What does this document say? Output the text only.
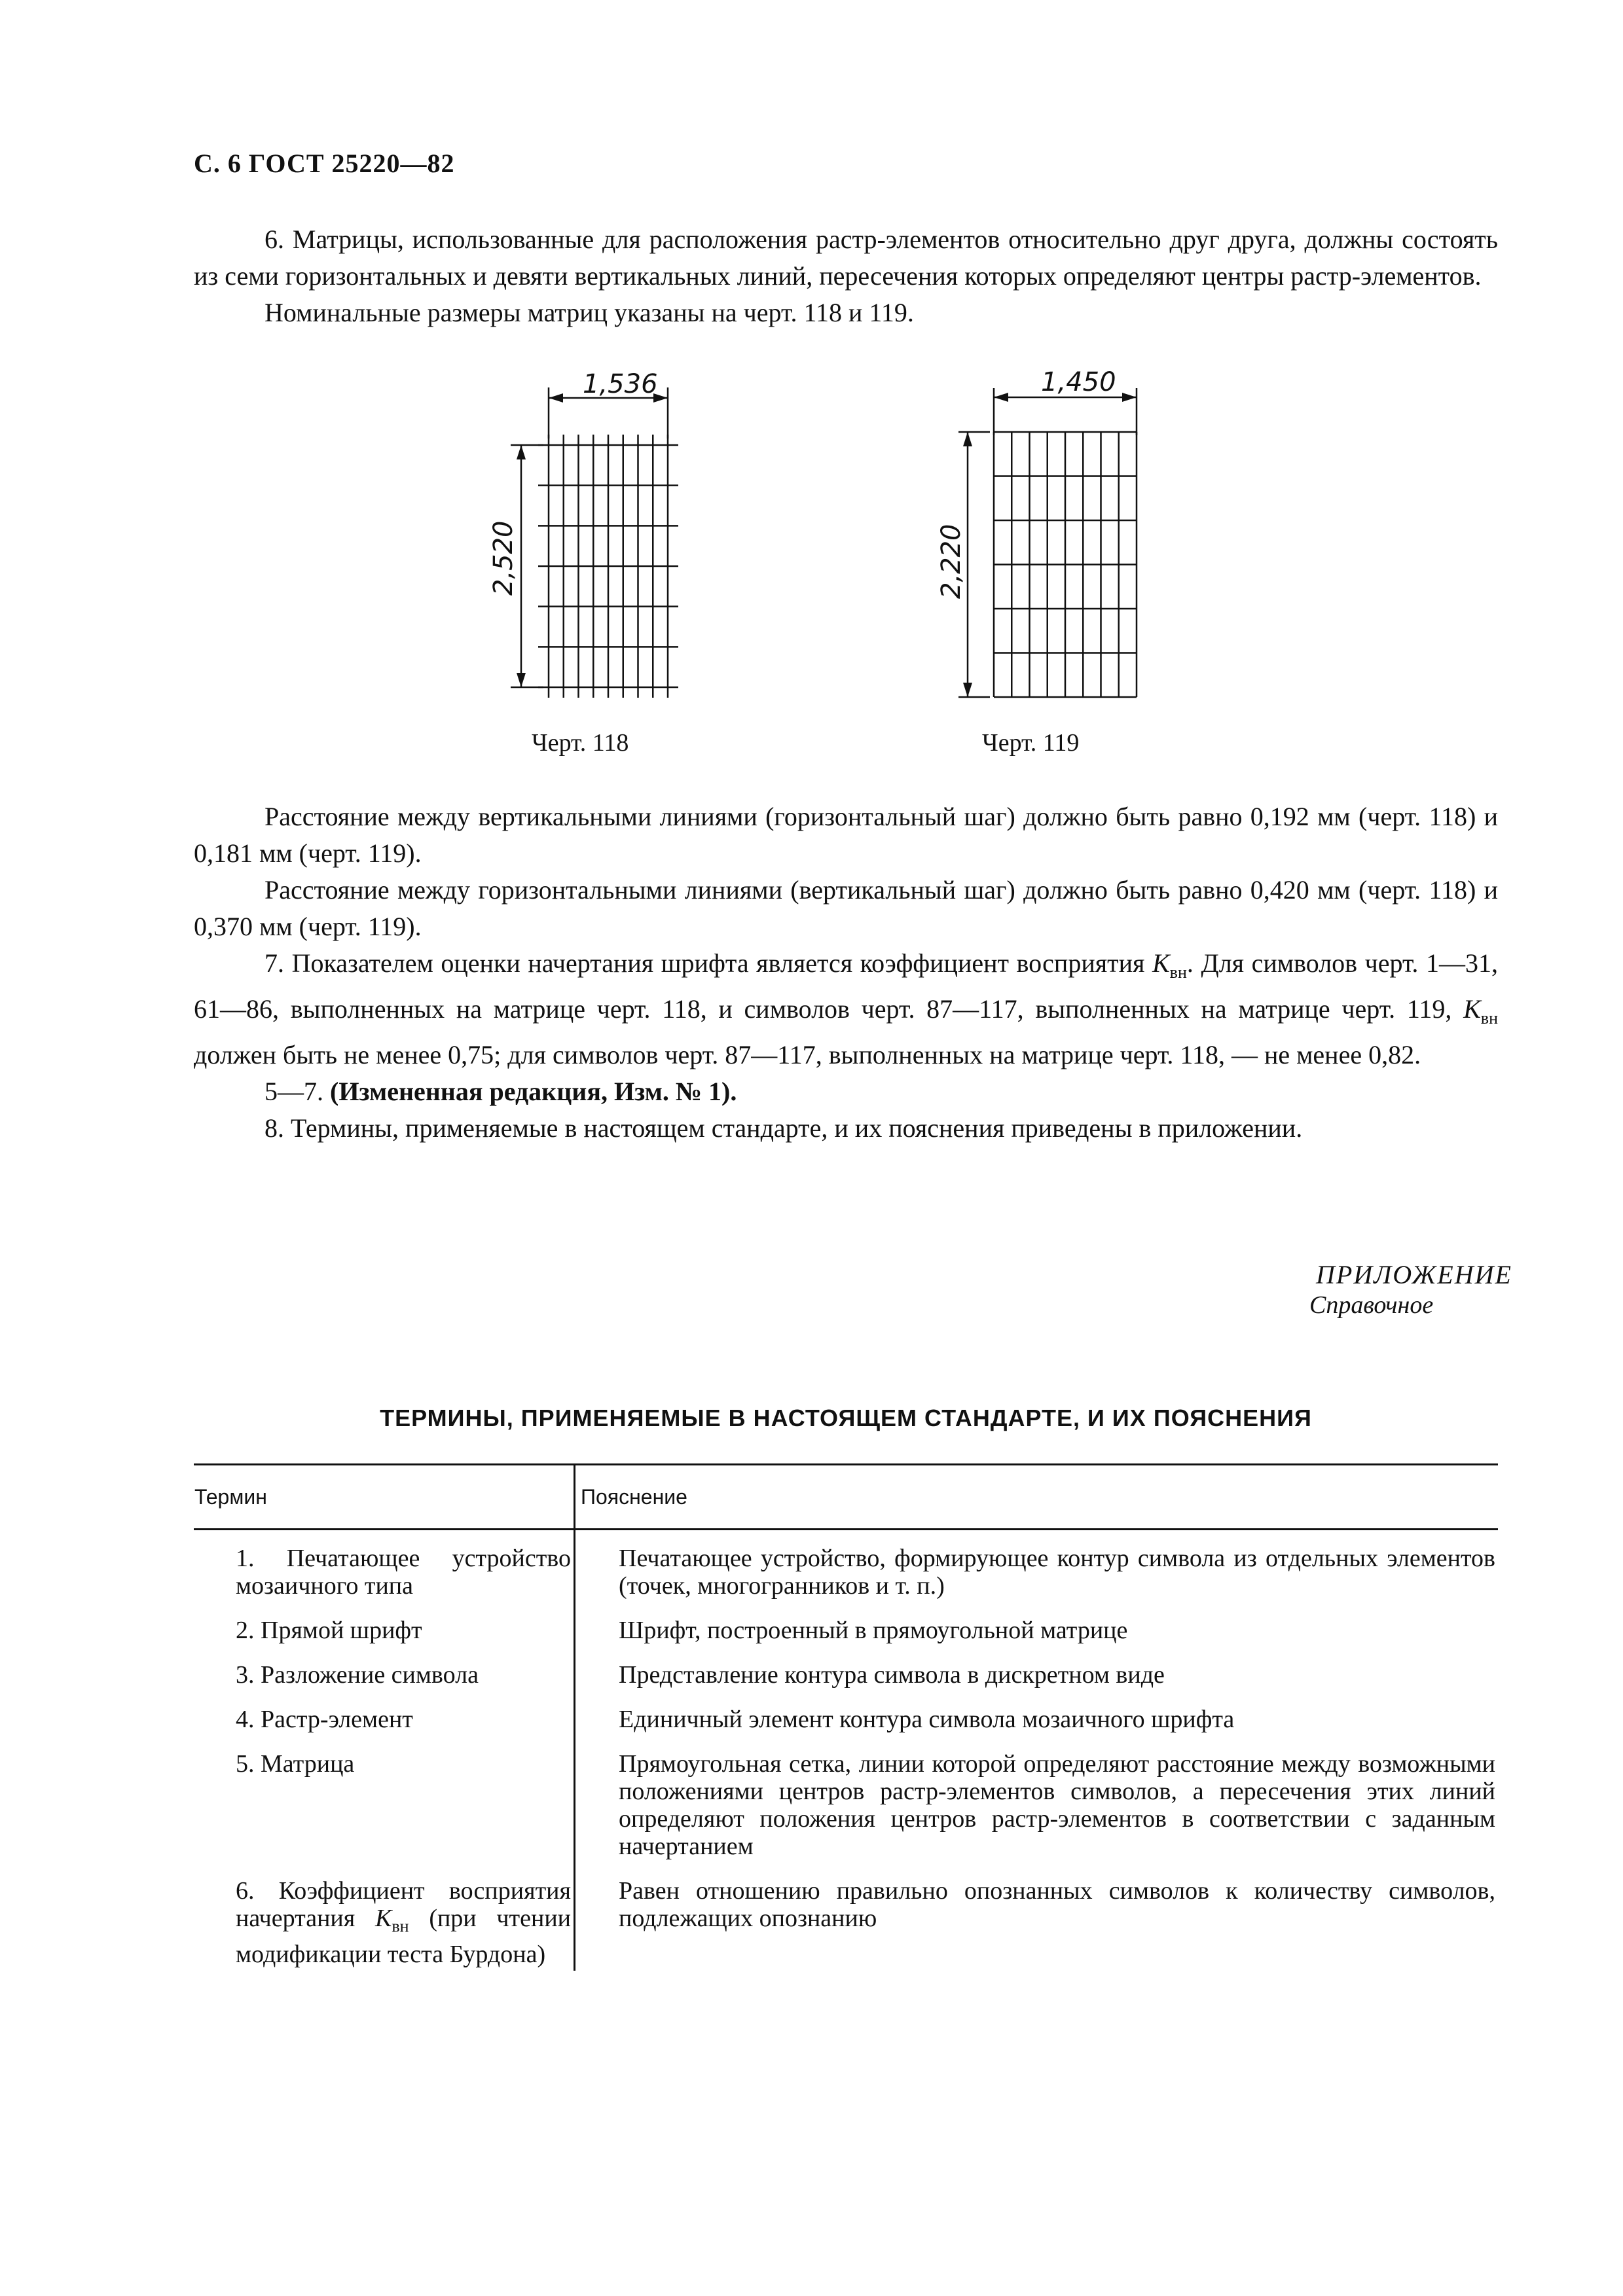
С. 6 ГОСТ 25220—82

6. Матрицы, использованные для расположения растр-элементов относительно друг друга, должны состоять из семи горизонтальных и девяти вертикальных линий, пересечения которых определяют центры растр-элементов.

Номинальные размеры матриц указаны на черт. 118 и 119.

1,536
2,520
Черт. 118
1,450
2,220
Черт. 119

Расстояние между вертикальными линиями (горизонтальный шаг) должно быть равно 0,192 мм (черт. 118) и 0,181 мм (черт. 119).

Расстояние между горизонтальными линиями (вертикальный шаг) должно быть равно 0,420 мм (черт. 118) и 0,370 мм (черт. 119).

7. Показателем оценки начертания шрифта является коэффициент восприятия $K_{вн}$. Для символов черт. 1—31, 61—86, выполненных на матрице черт. 118, и символов черт. 87—117, выполненных на матрице черт. 119, $K_{вн}$ должен быть не менее 0,75; для символов черт. 87—117, выполненных на матрице черт. 118, — не менее 0,82.

5—7. (Измененная редакция, Изм. № 1).

8. Термины, применяемые в настоящем стандарте, и их пояснения приведены в приложении.

ПРИЛОЖЕНИЕ
Справочное
ТЕРМИНЫ, ПРИМЕНЯЕМЫЕ В НАСТОЯЩЕМ СТАНДАРТЕ, И ИХ ПОЯСНЕНИЯ
Термин	Пояснение

1. Печатающее устройство мозаичного типа	Печатающее устройство, формирующее контур символа из отдельных элементов (точек, многогранников и т. п.)

2. Прямой шрифт	Шрифт, построенный в прямоугольной матрице

3. Разложение символа	Представление контура символа в дискретном виде

4. Растр-элемент	Единичный элемент контура символа мозаичного шрифта

5. Матрица	Прямоугольная сетка, линии которой определяют расстояние между возможными положениями центров растр-элементов символов, а пересечения этих линий определяют положения центров растр-элементов в соответствии с заданным начертанием

6. Коэффициент восприятия начертания $K_{вн}$ (при чтении модификации теста Бурдона)	Равен отношению правильно опознанных символов к количеству символов, подлежащих опознанию
